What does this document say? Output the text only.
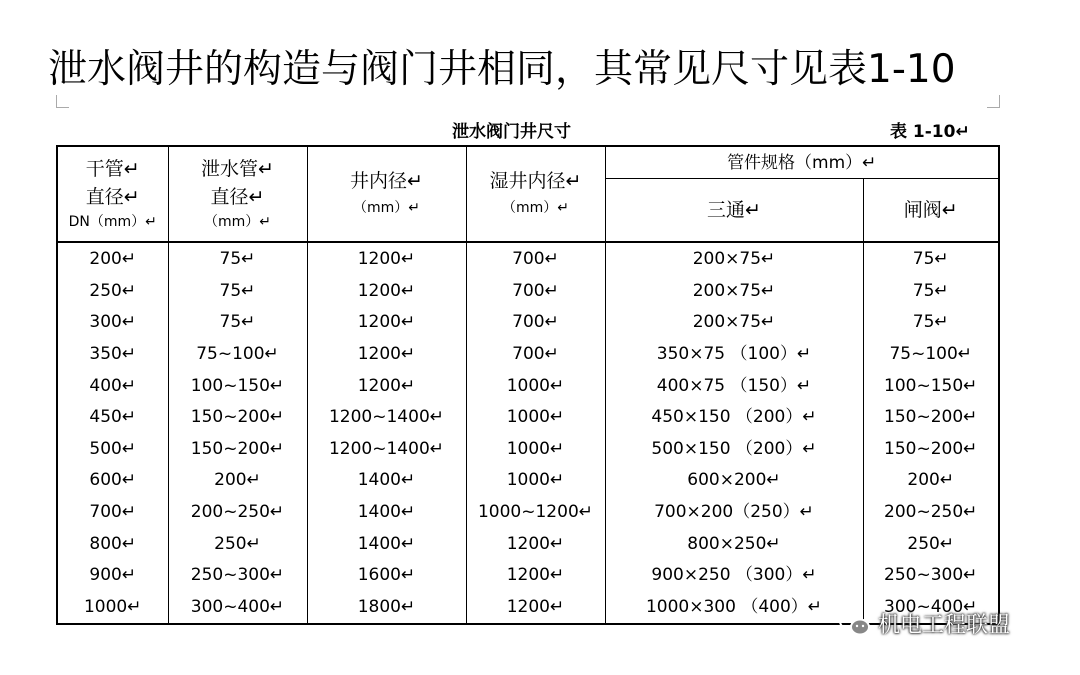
泄水阀井的构造与阀门井相同，其常见尺寸见表1-10
泄水阀门井尺寸	表 1-10↵
干管↵
直径↵
DN（mm）↵	泄水管↵
直径↵
（mm）↵	井内径↵
（mm）↵	湿井内径↵
（mm）↵	管件规格（mm）↵	
				三通↵	闸阀↵
200↵	75↵	1200↵	700↵	200×75↵	75↵
250↵	75↵	1200↵	700↵	200×75↵	75↵
300↵	75↵	1200↵	700↵	200×75↵	75↵
350↵	75~100↵	1200↵	700↵	350×75 （100）↵	75~100↵
400↵	100~150↵	1200↵	1000↵	400×75 （150）↵	100~150↵
450↵	150~200↵	1200~1400↵	1000↵	450×150 （200）↵	150~200↵
500↵	150~200↵	1200~1400↵	1000↵	500×150 （200）↵	150~200↵
600↵	200↵	1400↵	1000↵	600×200↵	200↵
700↵	200~250↵	1400↵	1000~1200↵	700×200（250）↵	200~250↵
800↵	250↵	1400↵	1200↵	800×250↵	250↵
900↵	250~300↵	1600↵	1200↵	900×250 （300）↵	250~300↵
1000↵	300~400↵	1800↵	1200↵	1000×300 （400）↵	300~400↵
机电工程联盟
